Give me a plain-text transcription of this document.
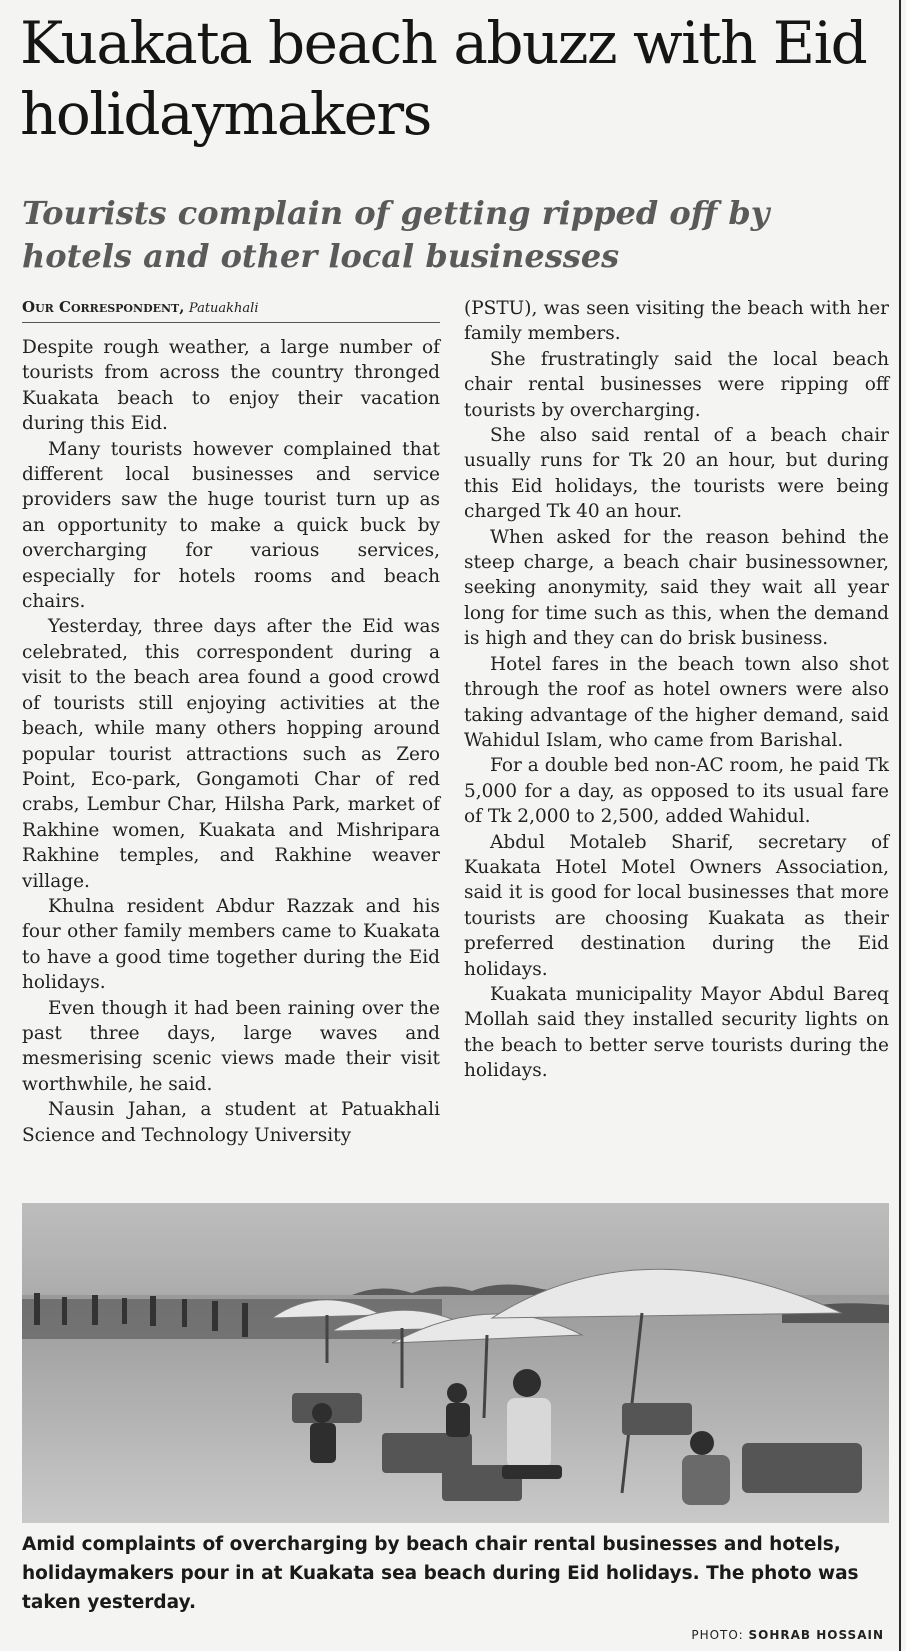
Kuakata beach abuzz with Eid holidaymakers
Tourists complain of getting ripped off by hotels and other local businesses
Our Correspondent, Patuakhali

Despite rough weather, a large number of tourists from across the country thronged Kuakata beach to enjoy their vacation during this Eid.

Many tourists however complained that different local businesses and service providers saw the huge tourist turn up as an opportunity to make a quick buck by overcharging for various services, especially for hotels rooms and beach chairs.

Yesterday, three days after the Eid was celebrated, this correspondent during a visit to the beach area found a good crowd of tourists still enjoying activities at the beach, while many others hopping around popular tourist attractions such as Zero Point, Eco-park, Gongamoti Char of red crabs, Lembur Char, Hilsha Park, market of Rakhine women, Kuakata and Mishripara Rakhine temples, and Rakhine weaver village.

Khulna resident Abdur Razzak and his four other family members came to Kuakata to have a good time together during the Eid holidays.

Even though it had been raining over the past three days, large waves and mesmerising scenic views made their visit worthwhile, he said.

Nausin Jahan, a student at Patuakhali Science and Technology University

(PSTU), was seen visiting the beach with her family members.

She frustratingly said the local beach chair rental businesses were ripping off tourists by overcharging.

She also said rental of a beach chair usually runs for Tk 20 an hour, but during this Eid holidays, the tourists were being charged Tk 40 an hour.

When asked for the reason behind the steep charge, a beach chair businessowner, seeking anonymity, said they wait all year long for time such as this, when the demand is high and they can do brisk business.

Hotel fares in the beach town also shot through the roof as hotel owners were also taking advantage of the higher demand, said Wahidul Islam, who came from Barishal.

For a double bed non-AC room, he paid Tk 5,000 for a day, as opposed to its usual fare of Tk 2,000 to 2,500, added Wahidul.

Abdul Motaleb Sharif, secretary of Kuakata Hotel Motel Owners Association, said it is good for local businesses that more tourists are choosing Kuakata as their preferred destination during the Eid holidays.

Kuakata municipality Mayor Abdul Bareq Mollah said they installed security lights on the beach to better serve tourists during the holidays.

Amid complaints of overcharging by beach chair rental businesses and hotels, holidaymakers pour in at Kuakata sea beach during Eid holidays. The photo was taken yesterday.

PHOTO: SOHRAB HOSSAIN
